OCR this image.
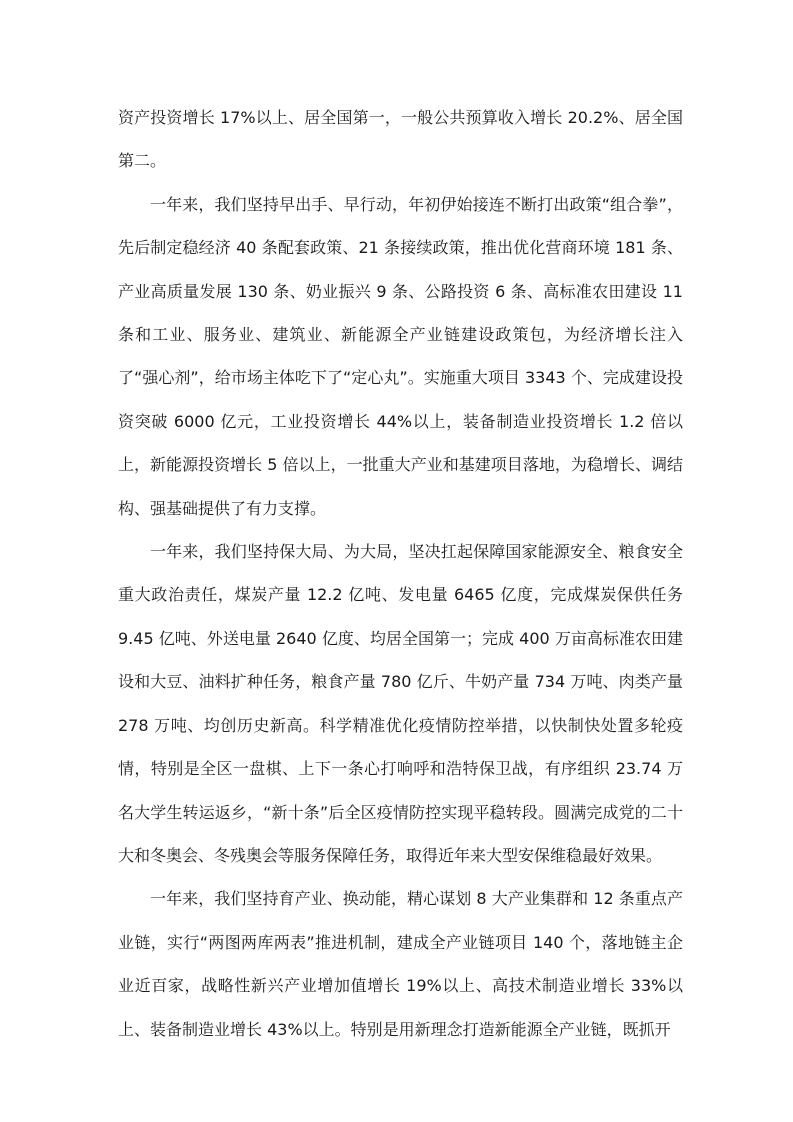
资产投资增长 17%以上、居全国第一，一般公共预算收入增长 20.2%、居全国第二。

一年来，我们坚持早出手、早行动，年初伊始接连不断打出政策“组合拳”，先后制定稳经济 40 条配套政策、21 条接续政策，推出优化营商环境 181 条、产业高质量发展 130 条、奶业振兴 9 条、公路投资 6 条、高标准农田建设 11 条和工业、服务业、建筑业、新能源全产业链建设政策包，为经济增长注入了“强心剂”，给市场主体吃下了“定心丸”。实施重大项目 3343 个、完成建设投资突破 6000 亿元，工业投资增长 44%以上，装备制造业投资增长 1.2 倍以上，新能源投资增长 5 倍以上，一批重大产业和基建项目落地，为稳增长、调结构、强基础提供了有力支撑。

一年来，我们坚持保大局、为大局，坚决扛起保障国家能源安全、粮食安全重大政治责任，煤炭产量 12.2 亿吨、发电量 6465 亿度，完成煤炭保供任务 9.45 亿吨、外送电量 2640 亿度、均居全国第一；完成 400 万亩高标准农田建设和大豆、油料扩种任务，粮食产量 780 亿斤、牛奶产量 734 万吨、肉类产量 278 万吨、均创历史新高。科学精准优化疫情防控举措，以快制快处置多轮疫情，特别是全区一盘棋、上下一条心打响呼和浩特保卫战，有序组织 23.74 万名大学生转运返乡，“新十条”后全区疫情防控实现平稳转段。圆满完成党的二十大和冬奥会、冬残奥会等服务保障任务，取得近年来大型安保维稳最好效果。

一年来，我们坚持育产业、换动能，精心谋划 8 大产业集群和 12 条重点产业链，实行“两图两库两表”推进机制，建成全产业链项目 140 个，落地链主企业近百家，战略性新兴产业增加值增长 19%以上、高技术制造业增长 33%以上、装备制造业增长 43%以上。特别是用新理念打造新能源全产业链，既抓开
